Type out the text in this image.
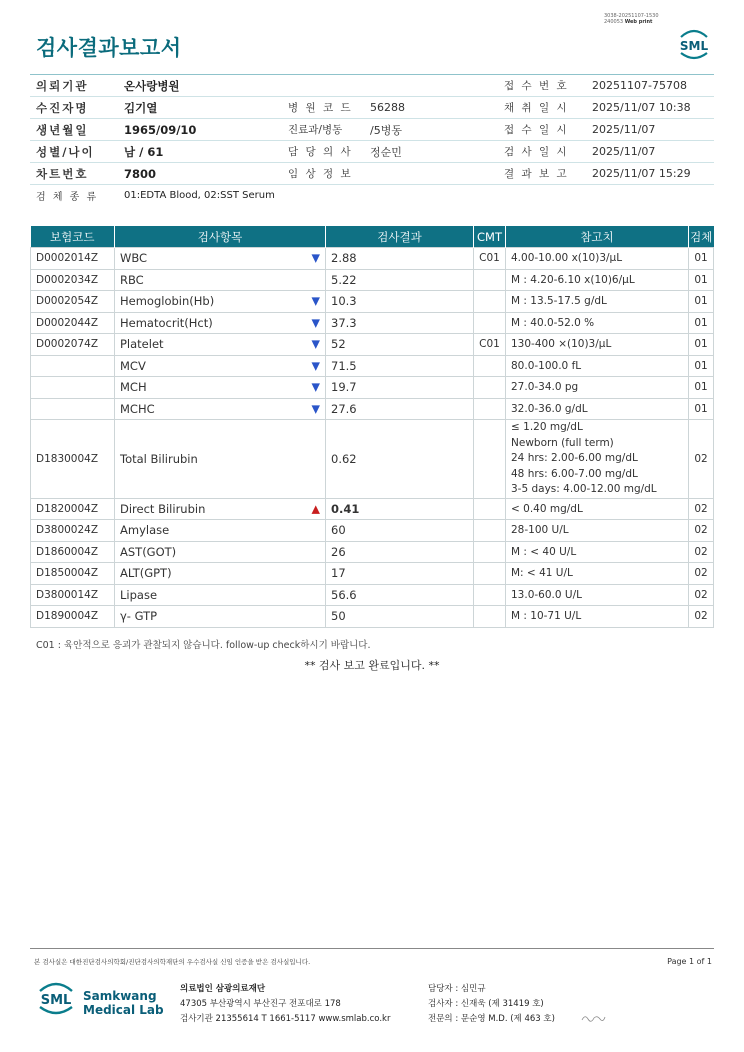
검사결과보고서
3038-20251107-1530
240053 Web print
SML
의뢰기관	온사랑병원			접 수 번 호	20251107-75708
수진자명	김기열	병 원 코 드	56288	채 취 일 시	2025/11/07 10:38
생년월일	1965/09/10	진료과/병동	/5병동	접 수 일 시	2025/11/07
성별/나이	남 / 61	담 당 의 사	정순민	검 사 일 시	2025/11/07
차트번호	7800	임 상 정 보		결 과 보 고	2025/11/07 15:29
검 체 종 류	01:EDTA Blood, 02:SST Serum				
보험코드	검사항목	검사결과	CMT	참고치	검체
D0002014Z	WBC ▼	2.88	C01	4.00-10.00 x(10)3/μL	01
D0002034Z	RBC	5.22		M : 4.20-6.10 x(10)6/μL	01
D0002054Z	Hemoglobin(Hb) ▼	10.3		M : 13.5-17.5 g/dL	01
D0002044Z	Hematocrit(Hct) ▼	37.3		M : 40.0-52.0 %	01
D0002074Z	Platelet ▼	52	C01	130-400 ×(10)3/μL	01
	MCV ▼	71.5		80.0-100.0 fL	01
	MCH ▼	19.7		27.0-34.0 pg	01
	MCHC ▼	27.6		32.0-36.0 g/dL	01
D1830004Z	Total Bilirubin	0.62		≤ 1.20 mg/dL
Newborn (full term)
24 hrs: 2.00-6.00 mg/dL
48 hrs: 6.00-7.00 mg/dL
3-5 days: 4.00-12.00 mg/dL	02
D1820004Z	Direct Bilirubin ▲	0.41		< 0.40 mg/dL	02
D3800024Z	Amylase	60		28-100 U/L	02
D1860004Z	AST(GOT)	26		M : < 40 U/L	02
D1850004Z	ALT(GPT)	17		M: < 41 U/L	02
D3800014Z	Lipase	56.6		13.0-60.0 U/L	02
D1890004Z	γ- GTP	50		M : 10-71 U/L	02
C01 : 육안적으로 응괴가 관찰되지 않습니다. follow-up check하시기 바랍니다.
** 검사 보고 완료입니다. **
본 검사실은 대한진단검사의학회/진단검사의학재단의 우수검사실 신임 인증을 받은 검사실입니다.	Page 1 of 1
SML Samkwang
Medical Lab
의료법인 삼광의료재단
47305 부산광역시 부산진구 전포대로 178
검사기관 21355614 T 1661-5117 www.smlab.co.kr
담당자 : 심민규
검사자 : 신재욱 (제 31419 호)
전문의 : 문순영 M.D. (제 463 호)
